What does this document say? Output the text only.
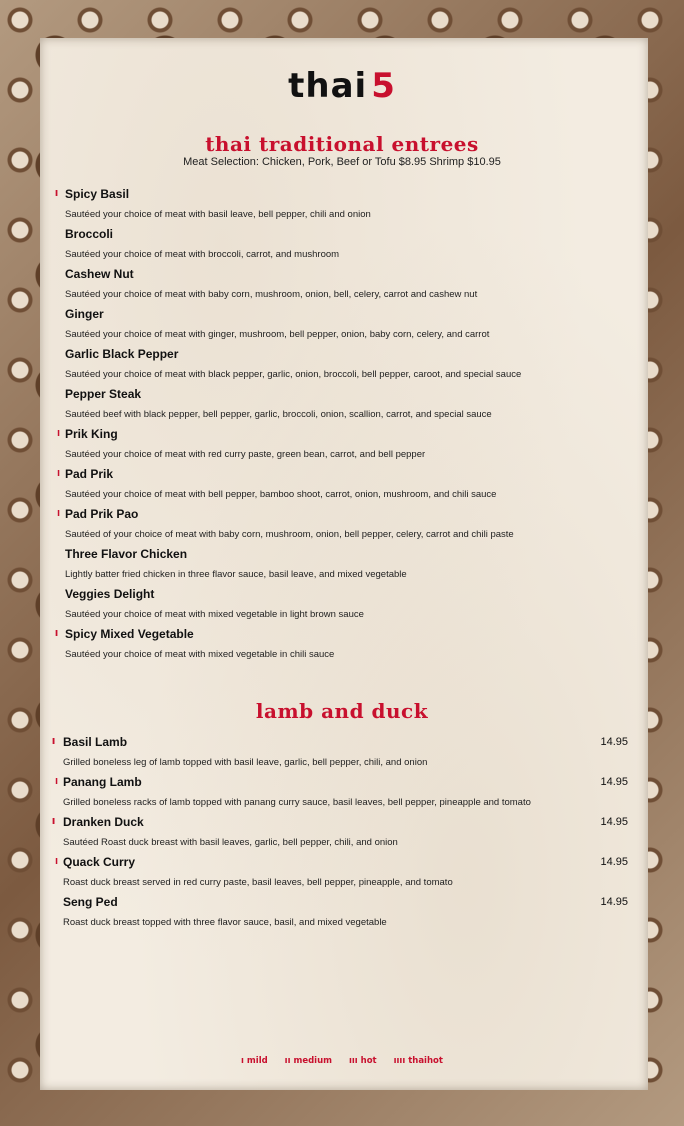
thai 5
thai traditional entrees
Meat Selection: Chicken, Pork, Beef or Tofu $8.95 Shrimp $10.95
ıı Spicy Basil
Sautéed your choice of meat with basil leave, bell pepper, chili and onion
Broccoli
Sautéed your choice of meat with broccoli, carrot, and mushroom
Cashew Nut
Sautéed your choice of meat with baby corn, mushroom, onion, bell, celery, carrot and cashew nut
Ginger
Sautéed your choice of meat with ginger, mushroom, bell pepper, onion, baby corn, celery, and carrot
Garlic Black Pepper
Sautéed your choice of meat with black pepper, garlic, onion, broccoli, bell pepper, caroot, and special sauce
Pepper Steak
Sautéed beef with black pepper, bell pepper, garlic, broccoli, onion, scallion, carrot, and special sauce
ı Prik King
Sautéed your choice of meat with red curry paste, green bean, carrot, and bell pepper
ı Pad Prik
Sautéed your choice of meat with bell pepper, bamboo shoot, carrot, onion, mushroom, and chili sauce
ı Pad Prik Pao
Sautéed of your choice of meat with baby corn, mushroom, onion, bell pepper, celery, carrot and chili paste
Three Flavor Chicken
Lightly batter fried chicken in three flavor sauce, basil leave, and mixed vegetable
Veggies Delight
Sautéed your choice of meat with mixed vegetable in light brown sauce
ıı Spicy Mixed Vegetable
Sautéed your choice of meat with mixed vegetable in chili sauce
lamb and duck
ııı Basil Lamb	14.95
Grilled boneless leg of lamb topped with basil leave, garlic, bell pepper, chili, and onion
ı Panang Lamb	14.95
Grilled boneless racks of lamb topped with panang curry sauce, basil leaves, bell pepper, pineapple and tomato
ııı Dranken Duck	14.95
Sautéed Roast duck breast with basil leaves, garlic, bell pepper, chili, and onion
ı Quack Curry	14.95
Roast duck breast served in red curry paste, basil leaves, bell pepper, pineapple, and tomato
Seng Ped	14.95
Roast duck breast topped with three flavor sauce, basil, and mixed vegetable
ı mild ıı medium ııı hot ıııı thaihot
